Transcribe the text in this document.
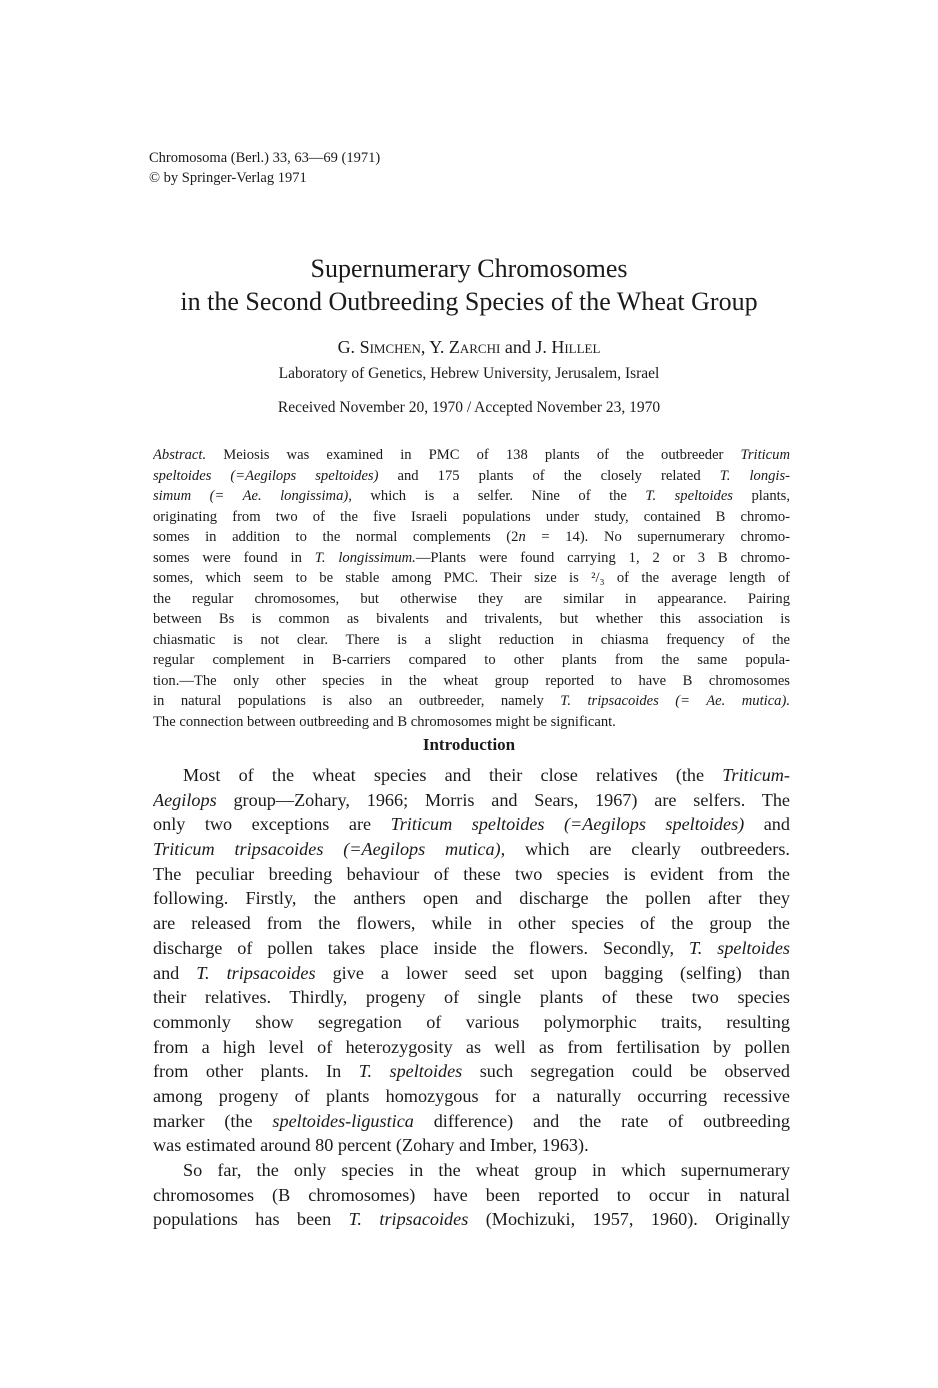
Chromosoma (Berl.) 33, 63—69 (1971)
© by Springer-Verlag 1971
Supernumerary Chromosomes
in the Second Outbreeding Species of the Wheat Group
G. Simchen, Y. Zarchi and J. Hillel
Laboratory of Genetics, Hebrew University, Jerusalem, Israel
Received November 20, 1970 / Accepted November 23, 1970
Abstract. Meiosis was examined in PMC of 138 plants of the outbreeder Triticum
speltoides (=Aegilops speltoides) and 175 plants of the closely related T. longis-
simum (= Ae. longissima), which is a selfer. Nine of the T. speltoides plants,
originating from two of the five Israeli populations under study, contained B chromo-
somes in addition to the normal complements (2n = 14). No supernumerary chromo-
somes were found in T. longissimum.—Plants were found carrying 1, 2 or 3 B chromo-
somes, which seem to be stable among PMC. Their size is ²/₃ of the average length of
the regular chromosomes, but otherwise they are similar in appearance. Pairing
between Bs is common as bivalents and trivalents, but whether this association is
chiasmatic is not clear. There is a slight reduction in chiasma frequency of the
regular complement in B-carriers compared to other plants from the same popula-
tion.—The only other species in the wheat group reported to have B chromosomes
in natural populations is also an outbreeder, namely T. tripsacoides (= Ae. mutica).
The connection between outbreeding and B chromosomes might be significant.
Introduction
Most of the wheat species and their close relatives (the Triticum-
Aegilops group—Zohary, 1966; Morris and Sears, 1967) are selfers. The
only two exceptions are Triticum speltoides (=Aegilops speltoides) and
Triticum tripsacoides (=Aegilops mutica), which are clearly outbreeders.
The peculiar breeding behaviour of these two species is evident from the
following. Firstly, the anthers open and discharge the pollen after they
are released from the flowers, while in other species of the group the
discharge of pollen takes place inside the flowers. Secondly, T. speltoides
and T. tripsacoides give a lower seed set upon bagging (selfing) than
their relatives. Thirdly, progeny of single plants of these two species
commonly show segregation of various polymorphic traits, resulting
from a high level of heterozygosity as well as from fertilisation by pollen
from other plants. In T. speltoides such segregation could be observed
among progeny of plants homozygous for a naturally occurring recessive
marker (the speltoides-ligustica difference) and the rate of outbreeding
was estimated around 80 percent (Zohary and Imber, 1963).
So far, the only species in the wheat group in which supernumerary
chromosomes (B chromosomes) have been reported to occur in natural
populations has been T. tripsacoides (Mochizuki, 1957, 1960). Originally
